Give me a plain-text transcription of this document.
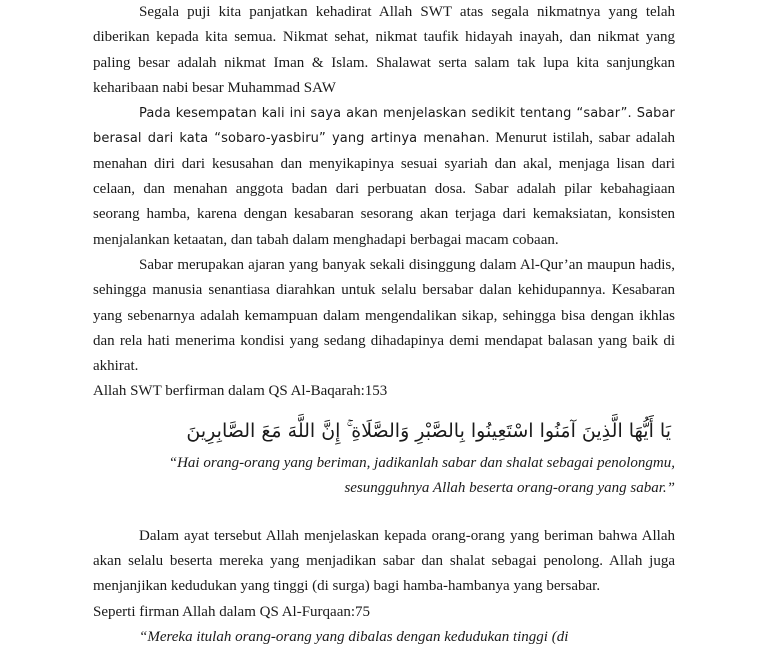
Segala puji kita panjatkan kehadirat Allah SWT atas segala nikmatnya yang telah diberikan kepada kita semua. Nikmat sehat, nikmat taufik hidayah inayah, dan nikmat yang paling besar adalah nikmat Iman & Islam. Shalawat serta salam tak lupa kita sanjungkan keharibaan nabi besar Muhammad SAW

Pada kesempatan kali ini saya akan menjelaskan sedikit tentang “sabar”. Sabar berasal dari kata “sobaro-yasbiru” yang artinya menahan. Menurut istilah, sabar adalah menahan diri dari kesusahan dan menyikapinya sesuai syariah dan akal, menjaga lisan dari celaan, dan menahan anggota badan dari perbuatan dosa. Sabar adalah pilar kebahagiaan seorang hamba, karena dengan kesabaran sesorang akan terjaga dari kemaksiatan, konsisten menjalankan ketaatan, dan tabah dalam menghadapi berbagai macam cobaan.

Sabar merupakan ajaran yang banyak sekali disinggung dalam Al-Qur’an maupun hadis, sehingga manusia senantiasa diarahkan untuk selalu bersabar dalan kehidupannya. Kesabaran yang sebenarnya adalah kemampuan dalam mengendalikan sikap, sehingga bisa dengan ikhlas dan rela hati menerima kondisi yang sedang dihadapinya demi mendapat balasan yang baik di akhirat.

Allah SWT berfirman dalam QS Al-Baqarah:153

يَا أَيُّهَا الَّذِينَ آمَنُوا اسْتَعِينُوا بِالصَّبْرِ وَالصَّلَاةِ ۚ إِنَّ اللَّهَ مَعَ الصَّابِرِينَ

“Hai orang-orang yang beriman, jadikanlah sabar dan shalat sebagai penolongmu,

sesungguhnya Allah beserta orang-orang yang sabar.”

Dalam ayat tersebut Allah menjelaskan kepada orang-orang yang beriman bahwa Allah akan selalu beserta mereka yang menjadikan sabar dan shalat sebagai penolong. Allah juga menjanjikan kedudukan yang tinggi (di surga) bagi hamba-hambanya yang bersabar.

Seperti firman Allah dalam QS Al-Furqaan:75

“Mereka itulah orang-orang yang dibalas dengan kedudukan tinggi (di
